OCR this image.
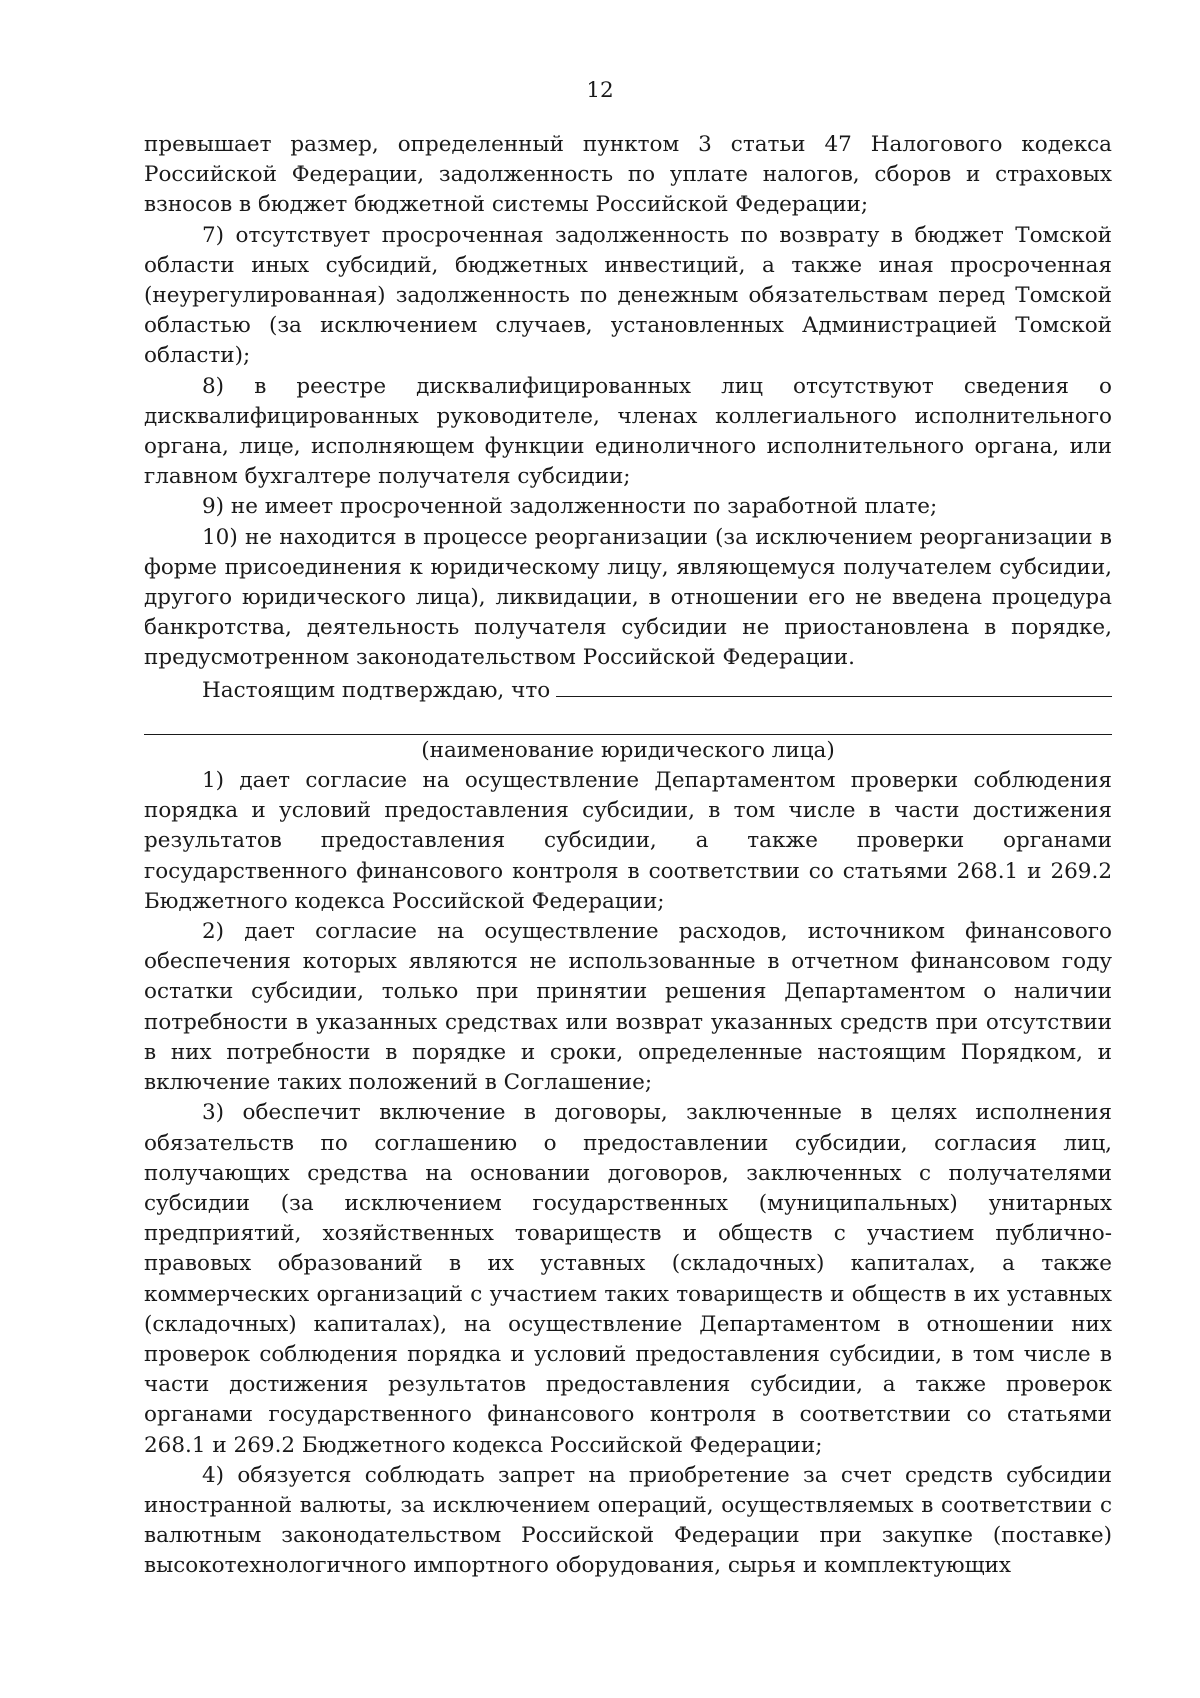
12

превышает размер, определенный пунктом 3 статьи 47 Налогового кодекса Российской Федерации, задолженность по уплате налогов, сборов и страховых взносов в бюджет бюджетной системы Российской Федерации;

7) отсутствует просроченная задолженность по возврату в бюджет Томской области иных субсидий, бюджетных инвестиций, а также иная просроченная (неурегулированная) задолженность по денежным обязательствам перед Томской областью (за исключением случаев, установленных Администрацией Томской области);

8) в реестре дисквалифицированных лиц отсутствуют сведения о дисквалифицированных руководителе, членах коллегиального исполнительного органа, лице, исполняющем функции единоличного исполнительного органа, или главном бухгалтере получателя субсидии;

9) не имеет просроченной задолженности по заработной плате;

10) не находится в процессе реорганизации (за исключением реорганизации в форме присоединения к юридическому лицу, являющемуся получателем субсидии, другого юридического лица), ликвидации, в отношении его не введена процедура банкротства, деятельность получателя субсидии не приостановлена в порядке, предусмотренном законодательством Российской Федерации.

Настоящим подтверждаю, что
(наименование юридического лица)

1) дает согласие на осуществление Департаментом проверки соблюдения порядка и условий предоставления субсидии, в том числе в части достижения результатов предоставления субсидии, а также проверки органами государственного финансового контроля в соответствии со статьями 268.1 и 269.2 Бюджетного кодекса Российской Федерации;

2) дает согласие на осуществление расходов, источником финансового обеспечения которых являются не использованные в отчетном финансовом году остатки субсидии, только при принятии решения Департаментом о наличии потребности в указанных средствах или возврат указанных средств при отсутствии в них потребности в порядке и сроки, определенные настоящим Порядком, и включение таких положений в Соглашение;

3) обеспечит включение в договоры, заключенные в целях исполнения обязательств по соглашению о предоставлении субсидии, согласия лиц, получающих средства на основании договоров, заключенных с получателями субсидии (за исключением государственных (муниципальных) унитарных предприятий, хозяйственных товариществ и обществ с участием публично-правовых образований в их уставных (складочных) капиталах, а также коммерческих организаций с участием таких товариществ и обществ в их уставных (складочных) капиталах), на осуществление Департаментом в отношении них проверок соблюдения порядка и условий предоставления субсидии, в том числе в части достижения результатов предоставления субсидии, а также проверок органами государственного финансового контроля в соответствии со статьями 268.1 и 269.2 Бюджетного кодекса Российской Федерации;

4) обязуется соблюдать запрет на приобретение за счет средств субсидии иностранной валюты, за исключением операций, осуществляемых в соответствии с валютным законодательством Российской Федерации при закупке (поставке) высокотехнологичного импортного оборудования, сырья и комплектующих
